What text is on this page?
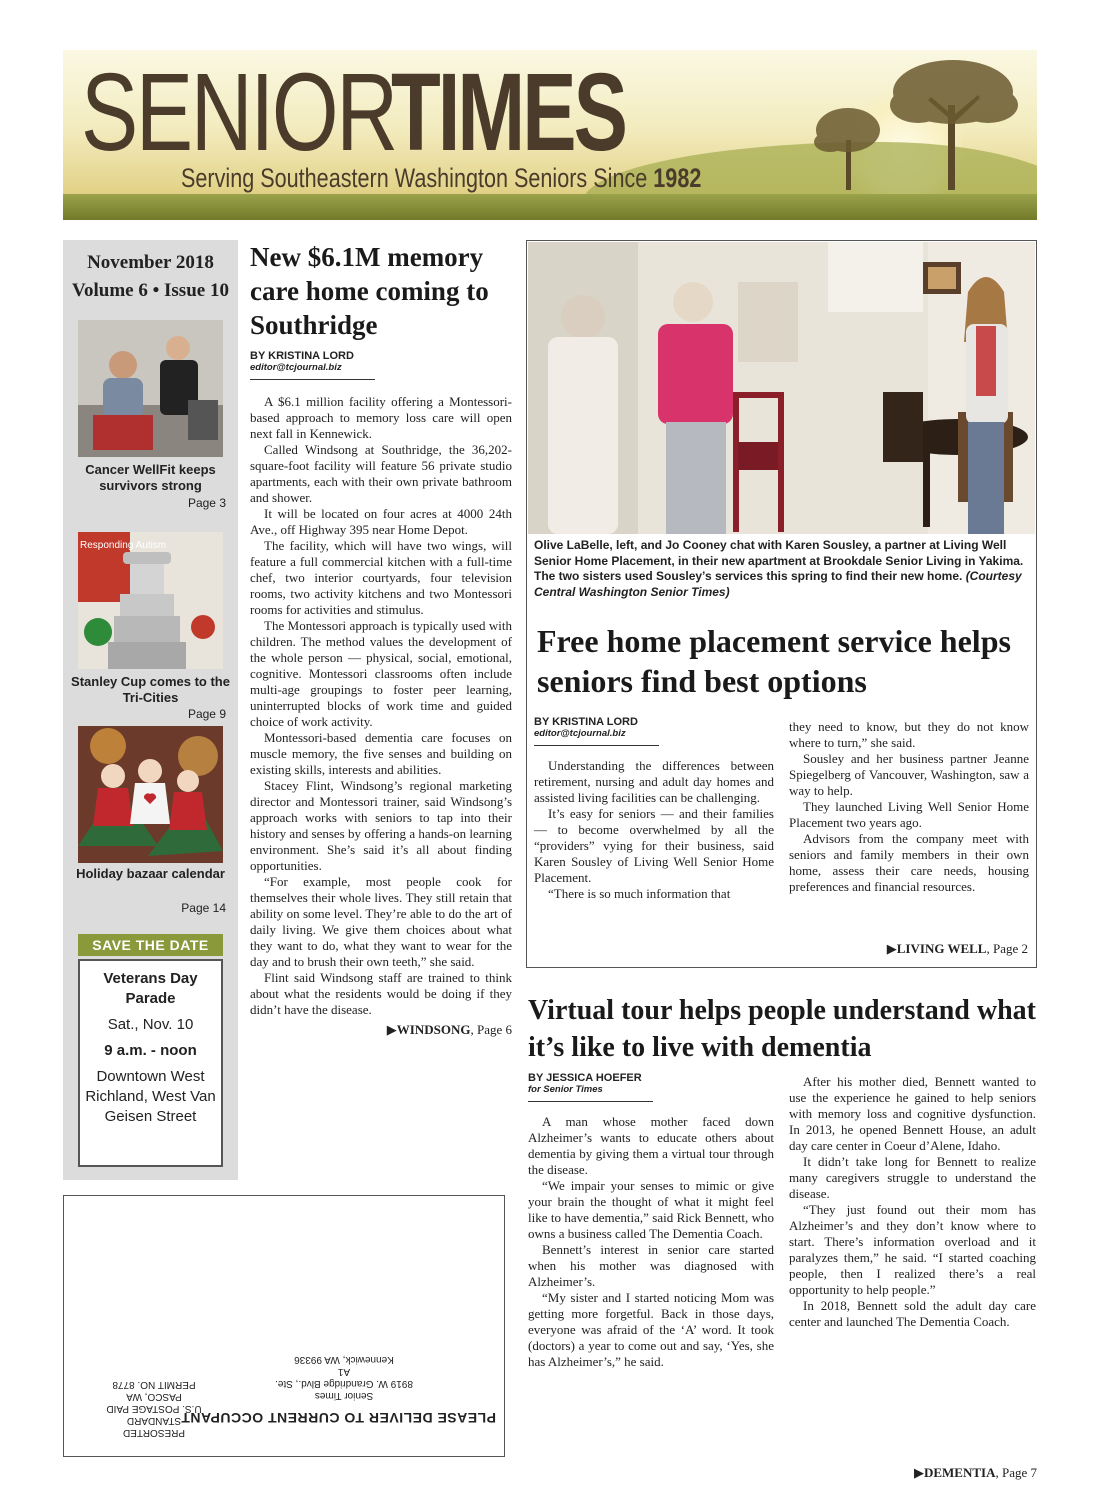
SENIOR
TIMES
Serving Southeastern Washington Seniors Since 1982
November 2018
Volume 6 • Issue 10
Cancer WellFit keeps survivors strong
Page 3
Responding Autism
Stanley Cup comes to the Tri-Cities
Page 9
Holiday bazaar calendar
Page 14
SAVE THE DATE
Veterans Day Parade
Sat., Nov. 10
9 a.m. - noon
Downtown West Richland, West Van Geisen Street
New $6.1M memory care home coming to Southridge
BY KRISTINA LORD
editor@tcjournal.biz

A $6.1 million facility offering a Montessori-based approach to memory loss care will open next fall in Kennewick.

Called Windsong at Southridge, the 36,202-square-foot facility will feature 56 private studio apartments, each with their own private bathroom and shower.

It will be located on four acres at 4000 24th Ave., off Highway 395 near Home Depot.

The facility, which will have two wings, will feature a full commercial kitchen with a full-time chef, two interior courtyards, four television rooms, two activity kitchens and two Montessori rooms for activities and stimulus.

The Montessori approach is typically used with children. The method values the development of the whole person — physical, social, emotional, cognitive. Montessori classrooms often include multi-age groupings to foster peer learning, uninterrupted blocks of work time and guided choice of work activity.

Montessori-based dementia care focuses on muscle memory, the five senses and building on existing skills, interests and abilities.

Stacey Flint, Windsong’s regional marketing director and Montessori trainer, said Windsong’s approach works with seniors to tap into their history and senses by offering a hands-on learning environment. She’s said it’s all about finding opportunities.

“For example, most people cook for themselves their whole lives. They still retain that ability on some level. They’re able to do the art of daily living. We give them choices about what they want to do, what they want to wear for the day and to brush their own teeth,” she said.

Flint said Windsong staff are trained to think about what the residents would be doing if they didn’t have the disease.

▶WINDSONG, Page 6
Olive LaBelle, left, and Jo Cooney chat with Karen Sousley, a partner at Living Well Senior Home Placement, in their new apartment at Brookdale Senior Living in Yakima. The two sisters used Sousley’s services this spring to find their new home. (Courtesy Central Washington Senior Times)
Free home placement service helps seniors find best options
BY KRISTINA LORD
editor@tcjournal.biz

Understanding the differences between retirement, nursing and adult day homes and assisted living facilities can be challenging.

It’s easy for seniors — and their families — to become overwhelmed by all the “providers” vying for their business, said Karen Sousley of Living Well Senior Home Placement.

“There is so much information that

they need to know, but they do not know where to turn,” she said.

Sousley and her business partner Jeanne Spiegelberg of Vancouver, Washington, saw a way to help.

They launched Living Well Senior Home Placement two years ago.

Advisors from the company meet with seniors and family members in their own home, assess their care needs, housing preferences and financial resources.

▶LIVING WELL, Page 2
Virtual tour helps people understand what it’s like to live with dementia
BY JESSICA HOEFER
for Senior Times

A man whose mother faced down Alzheimer’s wants to educate others about dementia by giving them a virtual tour through the disease.

“We impair your senses to mimic or give your brain the thought of what it might feel like to have dementia,” said Rick Bennett, who owns a business called The Dementia Coach.

Bennett’s interest in senior care started when his mother was diagnosed with Alzheimer’s.

“My sister and I started noticing Mom was getting more forgetful. Back in those days, everyone was afraid of the ‘A’ word. It took (doctors) a year to come out and say, ‘Yes, she has Alzheimer’s,” he said.

After his mother died, Bennett wanted to use the experience he gained to help seniors with memory loss and cognitive dysfunction. In 2013, he opened Bennett House, an adult day care center in Coeur d’Alene, Idaho.

It didn’t take long for Bennett to realize many caregivers struggle to understand the disease.

“They just found out their mom has Alzheimer’s and they don’t know where to start. There’s information overload and it paralyzes them,” he said. “I started coaching people, then I realized there’s a real opportunity to help people.”

In 2018, Bennett sold the adult day care center and launched The Dementia Coach.

▶DEMENTIA, Page 7
PLEASE DELIVER TO CURRENT OCCUPANT
Senior Times
8919 W. Grandridge Blvd., Ste. A1
Kennewick, WA 99336
PRESORTED
STANDARD
U.S. POSTAGE PAID
PASCO, WA
PERMIT NO. 8778
